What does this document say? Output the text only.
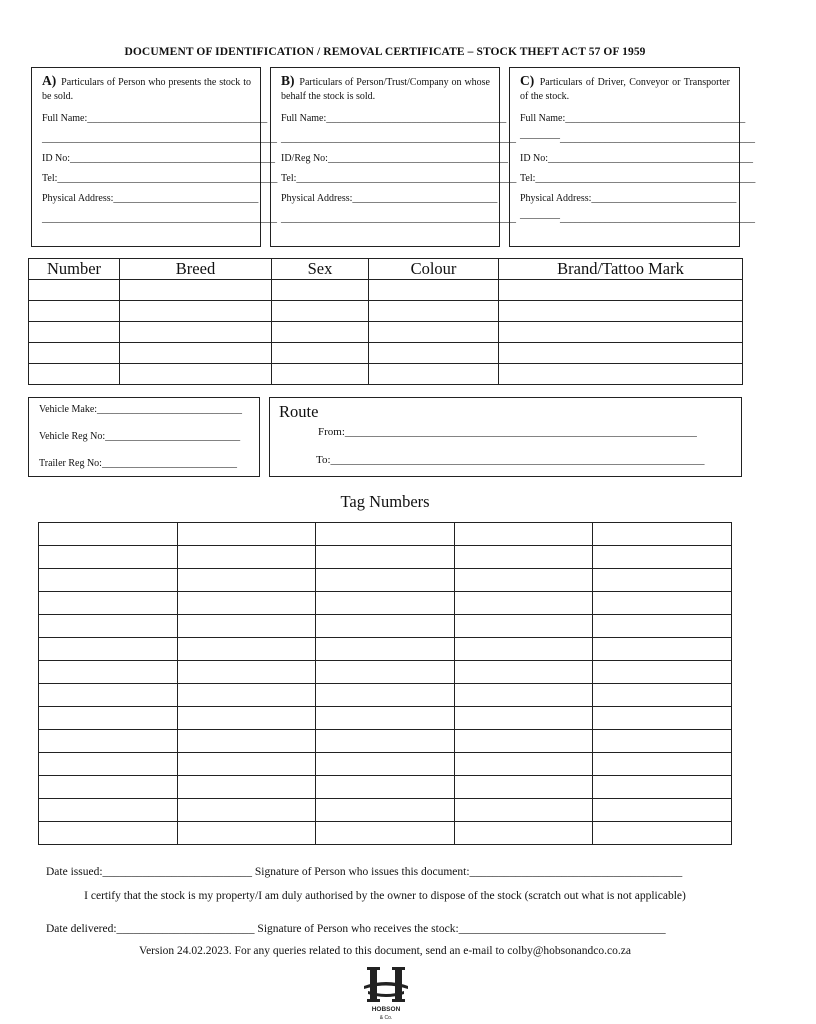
DOCUMENT OF IDENTIFICATION / REMOVAL CERTIFICATE – STOCK THEFT ACT 57 OF 1959
A) Particulars of Person who presents the stock to be sold.
Full Name:____________________________________
_______________________________________________
ID No:_________________________________________
Tel:____________________________________________
Physical Address:_____________________________
_______________________________________________
B) Particulars of Person/Trust/Company on whose behalf the stock is sold.
Full Name:____________________________________
_______________________________________________
ID/Reg No:____________________________________
Tel:____________________________________________
Physical Address:_____________________________
_______________________________________________
C) Particulars of Driver, Conveyor or Transporter of the stock.
Full Name:____________________________________
————_______________________________________
ID No:_________________________________________
Tel:____________________________________________
Physical Address:_____________________________
————_______________________________________
Number	Breed	Sex	Colour	Brand/Tattoo Mark

Vehicle Make:_____________________________
Vehicle Reg No:___________________________
Trailer Reg No:___________________________
Route
From:________________________________________________________________
To:____________________________________________________________________
Tag Numbers

Date issued:__________________________ Signature of Person who issues this document:_____________________________________
I certify that the stock is my property/I am duly authorised by the owner to dispose of the stock (scratch out what is not applicable)
Date delivered:________________________ Signature of Person who receives the stock:____________________________________
Version 24.02.2023. For any queries related to this document, send an e-mail to colby@hobsonandco.co.za
HOBSON
& Co.
